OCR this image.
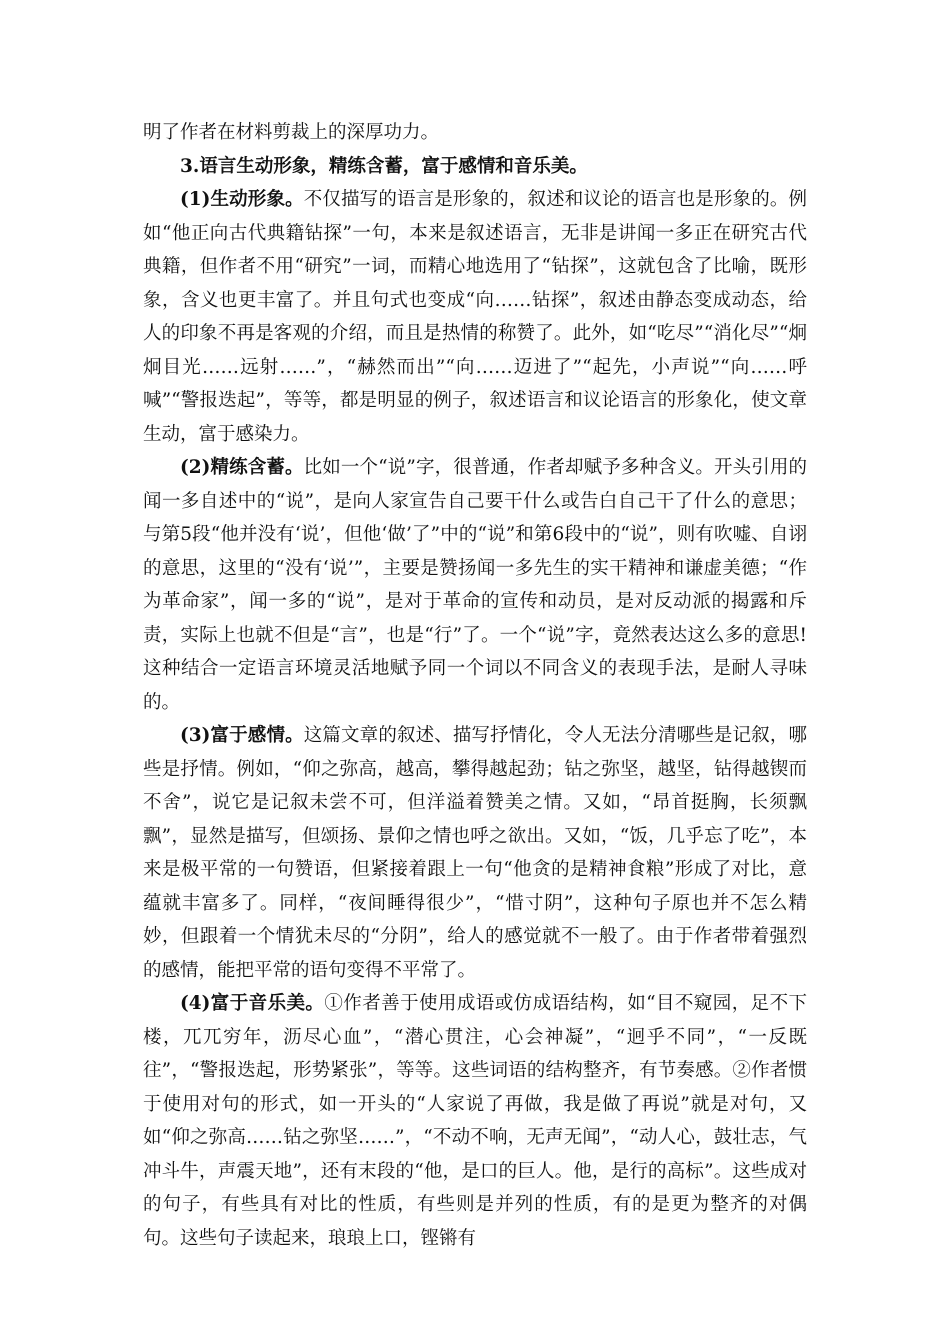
明了作者在材料剪裁上的深厚功力。

3.语言生动形象，精练含蓄，富于感情和音乐美。

(1)生动形象。不仅描写的语言是形象的，叙述和议论的语言也是形象的。例如“他正向古代典籍钻探”一句，本来是叙述语言，无非是讲闻一多正在研究古代典籍，但作者不用“研究”一词，而精心地选用了“钻探”，这就包含了比喻，既形象，含义也更丰富了。并且句式也变成“向……钻探”，叙述由静态变成动态，给人的印象不再是客观的介绍，而且是热情的称赞了。此外，如“吃尽”“消化尽”“炯炯目光……远射……”，“赫然而出”“向……迈进了”“起先，小声说”“向……呼喊”“警报迭起”，等等，都是明显的例子，叙述语言和议论语言的形象化，使文章生动，富于感染力。

(2)精练含蓄。比如一个“说”字，很普通，作者却赋予多种含义。开头引用的闻一多自述中的“说”，是向人家宣告自己要干什么或告白自己干了什么的意思；与第5段“他并没有‘说’，但他‘做’了”中的“说”和第6段中的“说”，则有吹嘘、自诩的意思，这里的“没有‘说’”，主要是赞扬闻一多先生的实干精神和谦虚美德；“作为革命家”，闻一多的“说”，是对于革命的宣传和动员，是对反动派的揭露和斥责，实际上也就不但是“言”，也是“行”了。一个“说”字，竟然表达这么多的意思!这种结合一定语言环境灵活地赋予同一个词以不同含义的表现手法，是耐人寻味的。

(3)富于感情。这篇文章的叙述、描写抒情化，令人无法分清哪些是记叙，哪些是抒情。例如，“仰之弥高，越高，攀得越起劲；钻之弥坚，越坚，钻得越锲而不舍”，说它是记叙未尝不可，但洋溢着赞美之情。又如，“昂首挺胸，长须飘飘”，显然是描写，但颂扬、景仰之情也呼之欲出。又如，“饭，几乎忘了吃”，本来是极平常的一句赞语，但紧接着跟上一句“他贪的是精神食粮”形成了对比，意蕴就丰富多了。同样，“夜间睡得很少”，“惜寸阴”，这种句子原也并不怎么精妙，但跟着一个情犹未尽的“分阴”，给人的感觉就不一般了。由于作者带着强烈的感情，能把平常的语句变得不平常了。

(4)富于音乐美。①作者善于使用成语或仿成语结构，如“目不窥园，足不下楼，兀兀穷年，沥尽心血”，“潜心贯注，心会神凝”，“迥乎不同”，“一反既往”，“警报迭起，形势紧张”，等等。这些词语的结构整齐，有节奏感。②作者惯于使用对句的形式，如一开头的“人家说了再做，我是做了再说”就是对句，又如“仰之弥高……钻之弥坚……”，“不动不响，无声无闻”，“动人心，鼓壮志，气冲斗牛，声震天地”，还有末段的“他，是口的巨人。他，是行的高标”。这些成对的句子，有些具有对比的性质，有些则是并列的性质，有的是更为整齐的对偶句。这些句子读起来，琅琅上口，铿锵有
